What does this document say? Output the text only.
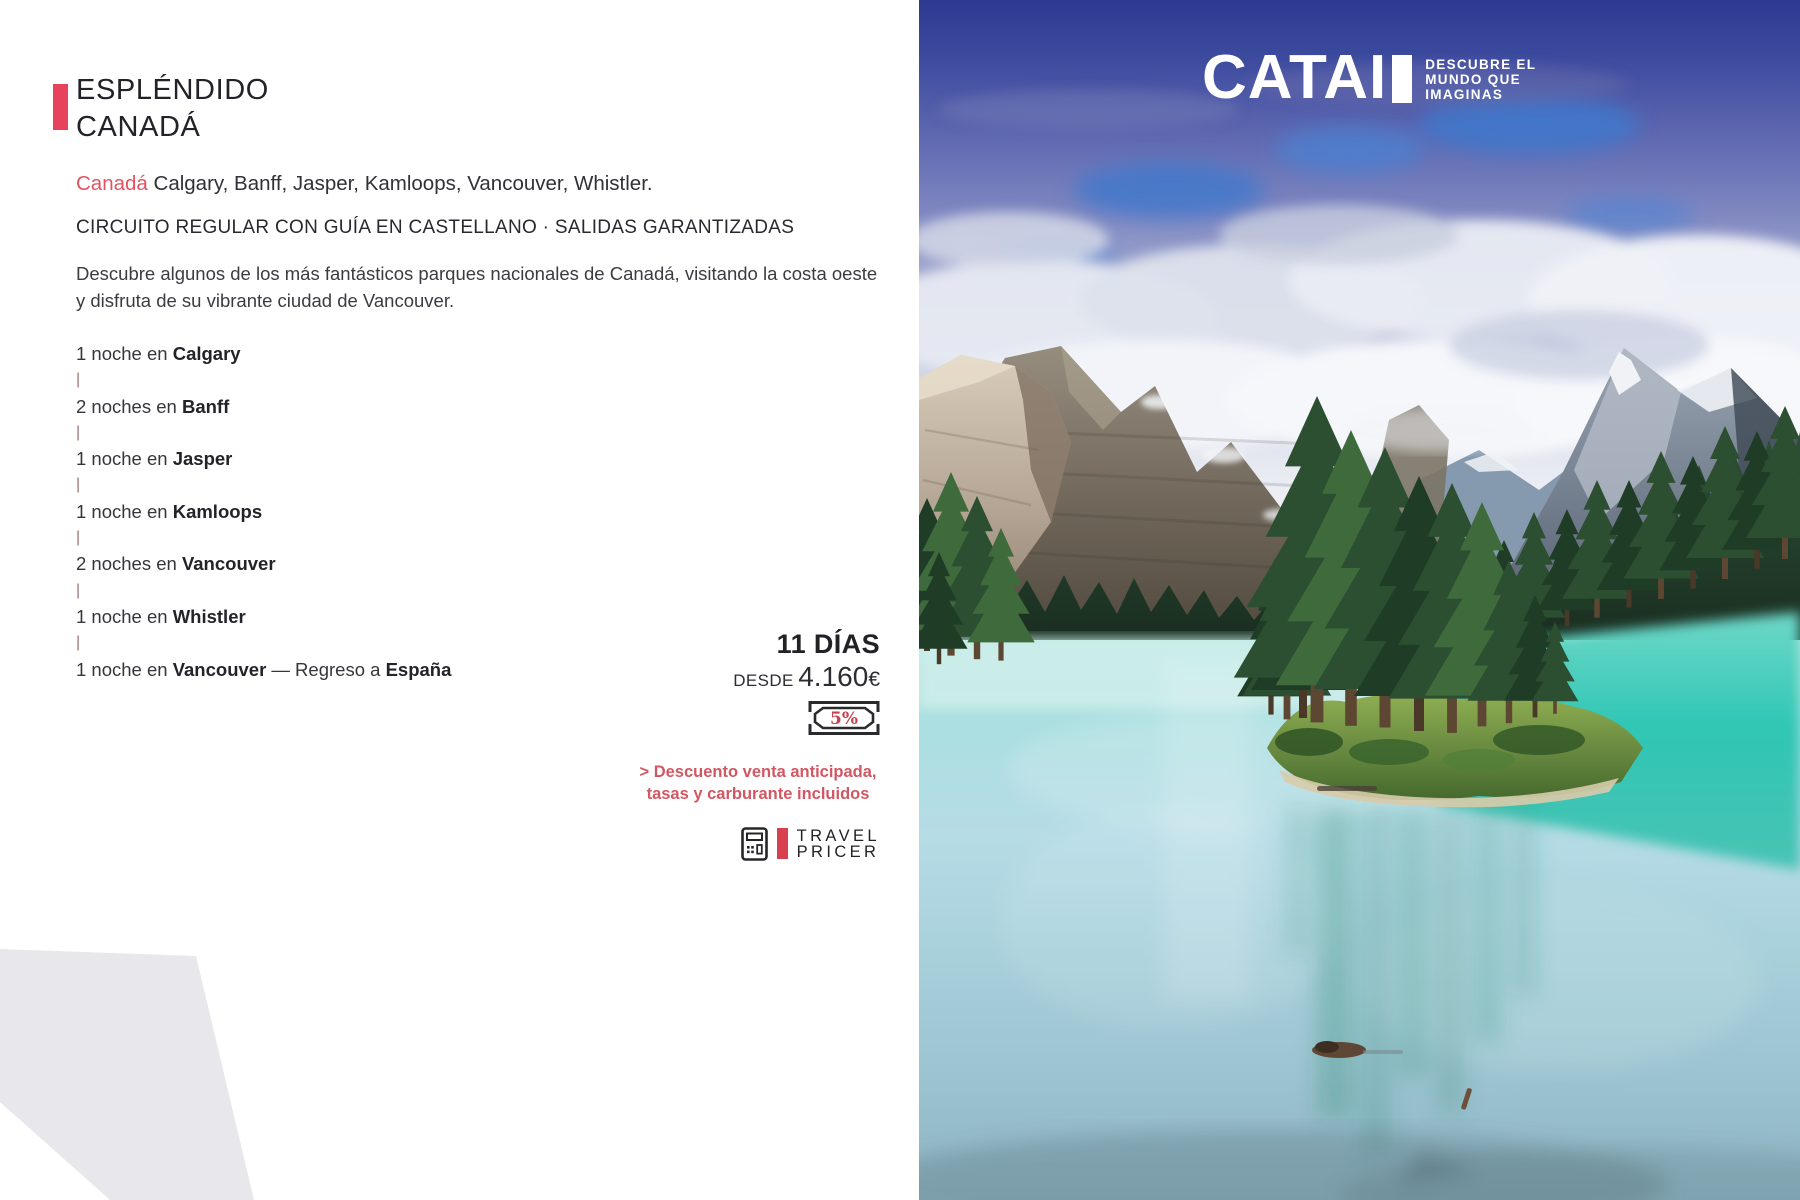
ESPLÉNDIDO
CANADÁ
Canadá Calgary, Banff, Jasper, Kamloops, Vancouver, Whistler.
CIRCUITO REGULAR CON GUÍA EN CASTELLANO · SALIDAS GARANTIZADAS
Descubre algunos de los más fantásticos parques nacionales de Canadá, visitando la costa oeste y disfruta de su vibrante ciudad de Vancouver.
1 noche en Calgary
|
2 noches en Banff
|
1 noche en Jasper
|
1 noche en Kamloops
|
2 noches en Vancouver
|
1 noche en Whistler
|
1 noche en Vancouver — Regreso a España
11 DÍAS
DESDE 4.160€
5%
> Descuento venta anticipada,
tasas y carburante incluidos
TRAVEL
PRICER
CATAI	DESCUBRE EL
MUNDO QUE
IMAGINAS
